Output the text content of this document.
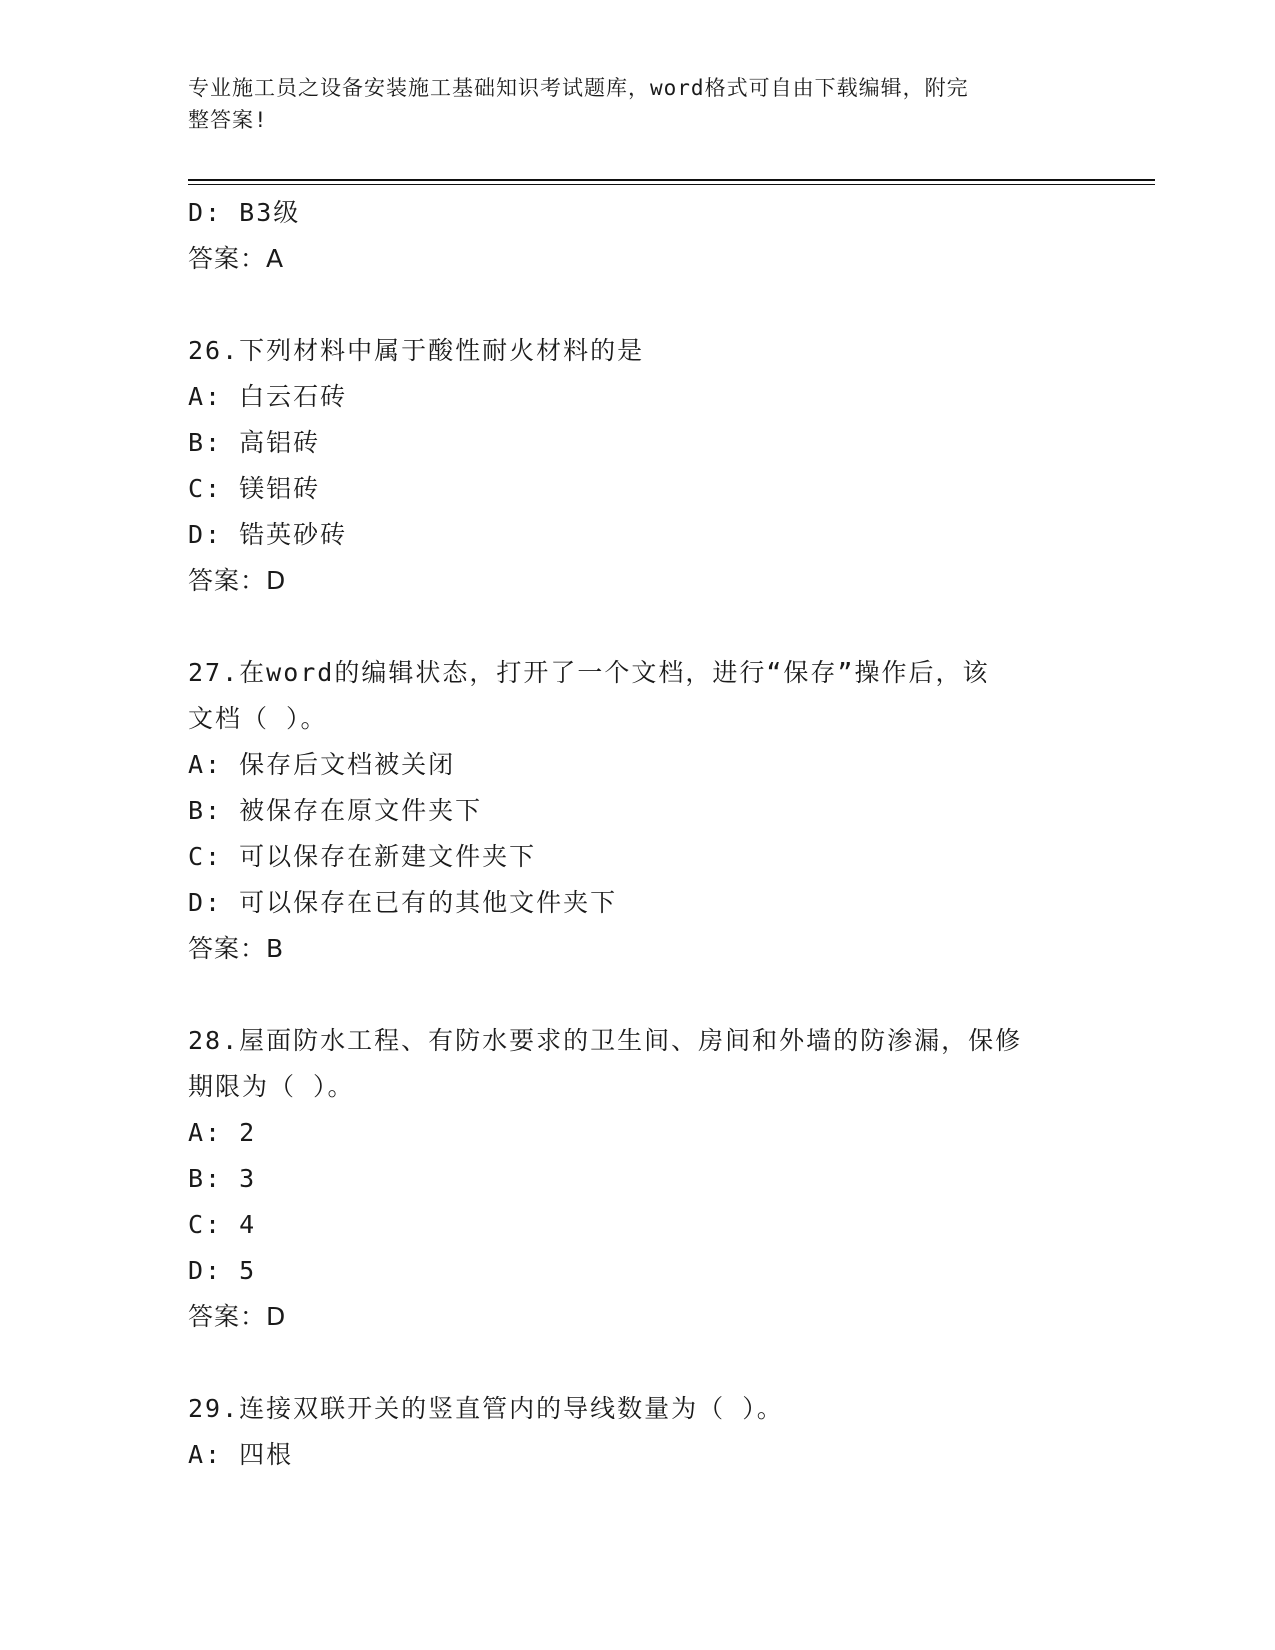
专业施工员之设备安装施工基础知识考试题库，word格式可自由下载编辑，附完
整答案!
D: B3级
答案：A
26.下列材料中属于酸性耐火材料的是
A: 白云石砖
B: 高铝砖
C: 镁铝砖
D: 锆英砂砖
答案：D
27.在word的编辑状态，打开了一个文档，进行“保存”操作后，该
文档（ ）。
A: 保存后文档被关闭
B: 被保存在原文件夹下
C: 可以保存在新建文件夹下
D: 可以保存在已有的其他文件夹下
答案：B
28.屋面防水工程、有防水要求的卫生间、房间和外墙的防渗漏，保修
期限为（ ）。
A: 2
B: 3
C: 4
D: 5
答案：D
29.连接双联开关的竖直管内的导线数量为（ ）。
A: 四根
